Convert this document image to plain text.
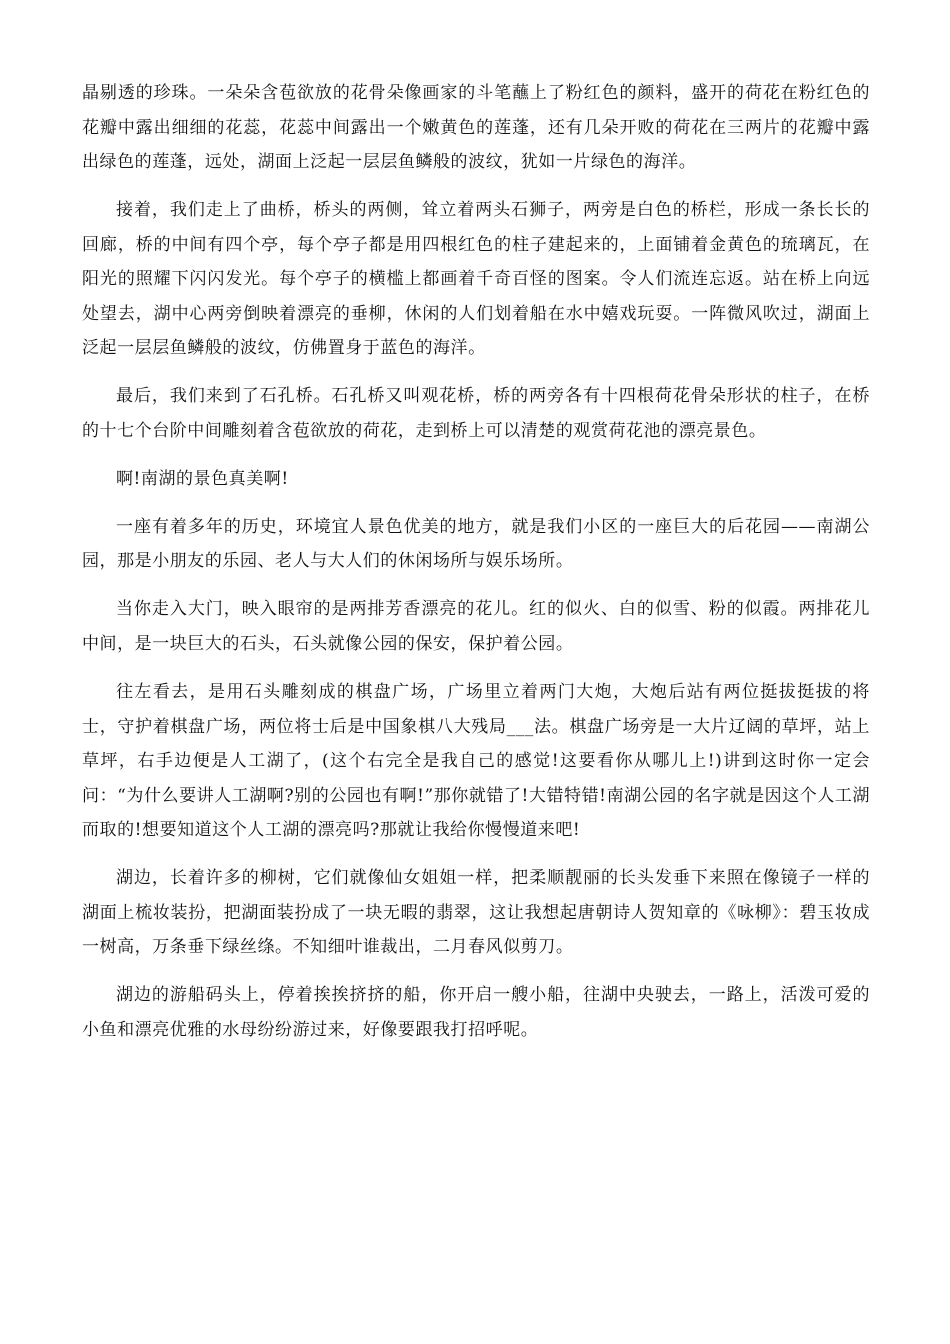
晶剔透的珍珠。一朵朵含苞欲放的花骨朵像画家的斗笔蘸上了粉红色的颜料，盛开的荷花在粉红色的花瓣中露出细细的花蕊，花蕊中间露出一个嫩黄色的莲蓬，还有几朵开败的荷花在三两片的花瓣中露出绿色的莲蓬，远处，湖面上泛起一层层鱼鳞般的波纹，犹如一片绿色的海洋。

接着，我们走上了曲桥，桥头的两侧，耸立着两头石狮子，两旁是白色的桥栏，形成一条长长的回廊，桥的中间有四个亭，每个亭子都是用四根红色的柱子建起来的，上面铺着金黄色的琉璃瓦，在阳光的照耀下闪闪发光。每个亭子的横槛上都画着千奇百怪的图案。令人们流连忘返。站在桥上向远处望去，湖中心两旁倒映着漂亮的垂柳，休闲的人们划着船在水中嬉戏玩耍。一阵微风吹过，湖面上泛起一层层鱼鳞般的波纹，仿佛置身于蓝色的海洋。

最后，我们来到了石孔桥。石孔桥又叫观花桥，桥的两旁各有十四根荷花骨朵形状的柱子，在桥的十七个台阶中间雕刻着含苞欲放的荷花，走到桥上可以清楚的观赏荷花池的漂亮景色。

啊!南湖的景色真美啊!

一座有着多年的历史，环境宜人景色优美的地方，就是我们小区的一座巨大的后花园——南湖公园，那是小朋友的乐园、老人与大人们的休闲场所与娱乐场所。

当你走入大门，映入眼帘的是两排芳香漂亮的花儿。红的似火、白的似雪、粉的似霞。两排花儿中间，是一块巨大的石头，石头就像公园的保安，保护着公园。

往左看去，是用石头雕刻成的棋盘广场，广场里立着两门大炮，大炮后站有两位挺拔挺拔的将士，守护着棋盘广场，两位将士后是中国象棋八大残局___法。棋盘广场旁是一大片辽阔的草坪，站上草坪，右手边便是人工湖了，(这个右完全是我自己的感觉!这要看你从哪儿上!)讲到这时你一定会问：“为什么要讲人工湖啊?别的公园也有啊!”那你就错了!大错特错!南湖公园的名字就是因这个人工湖而取的!想要知道这个人工湖的漂亮吗?那就让我给你慢慢道来吧!

湖边，长着许多的柳树，它们就像仙女姐姐一样，把柔顺靓丽的长头发垂下来照在像镜子一样的湖面上梳妆装扮，把湖面装扮成了一块无暇的翡翠，这让我想起唐朝诗人贺知章的《咏柳》：碧玉妆成一树高，万条垂下绿丝绦。不知细叶谁裁出，二月春风似剪刀。

湖边的游船码头上，停着挨挨挤挤的船，你开启一艘小船，往湖中央驶去，一路上，活泼可爱的小鱼和漂亮优雅的水母纷纷游过来，好像要跟我打招呼呢。
